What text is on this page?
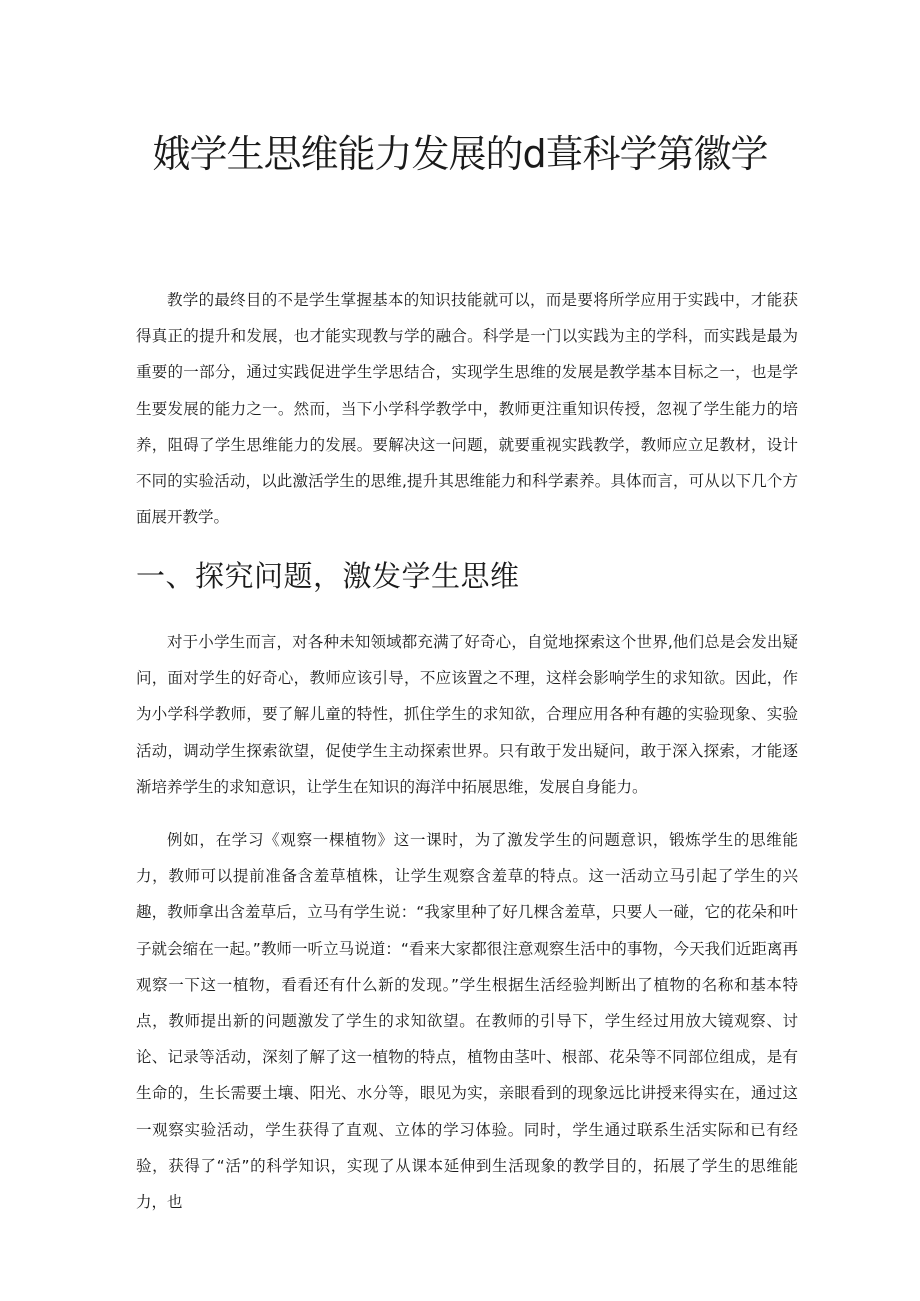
娥学生思维能力发展的d葺科学第徽学

教学的最终目的不是学生掌握基本的知识技能就可以，而是要将所学应用于实践中，才能获得真正的提升和发展，也才能实现教与学的融合。科学是一门以实践为主的学科，而实践是最为重要的一部分，通过实践促进学生学思结合，实现学生思维的发展是教学基本目标之一，也是学生要发展的能力之一。然而，当下小学科学教学中，教师更注重知识传授，忽视了学生能力的培养，阻碍了学生思维能力的发展。要解决这一问题，就要重视实践教学，教师应立足教材，设计不同的实验活动，以此激活学生的思维,提升其思维能力和科学素养。具体而言，可从以下几个方面展开教学。

一、探究问题，激发学生思维

对于小学生而言，对各种未知领域都充满了好奇心，自觉地探索这个世界,他们总是会发出疑问，面对学生的好奇心，教师应该引导，不应该置之不理，这样会影响学生的求知欲。因此，作为小学科学教师，要了解儿童的特性，抓住学生的求知欲，合理应用各种有趣的实验现象、实验活动，调动学生探索欲望，促使学生主动探索世界。只有敢于发出疑问，敢于深入探索，才能逐渐培养学生的求知意识，让学生在知识的海洋中拓展思维，发展自身能力。

例如，在学习《观察一棵植物》这一课时，为了激发学生的问题意识，锻炼学生的思维能力，教师可以提前准备含羞草植株，让学生观察含羞草的特点。这一活动立马引起了学生的兴趣，教师拿出含羞草后，立马有学生说：“我家里种了好几棵含羞草，只要人一碰，它的花朵和叶子就会缩在一起。”教师一听立马说道：“看来大家都很注意观察生活中的事物，今天我们近距离再观察一下这一植物，看看还有什么新的发现。”学生根据生活经验判断出了植物的名称和基本特点，教师提出新的问题激发了学生的求知欲望。在教师的引导下，学生经过用放大镜观察、讨论、记录等活动，深刻了解了这一植物的特点，植物由茎叶、根部、花朵等不同部位组成，是有生命的，生长需要土壤、阳光、水分等，眼见为实，亲眼看到的现象远比讲授来得实在，通过这一观察实验活动，学生获得了直观、立体的学习体验。同时，学生通过联系生活实际和已有经验，获得了“活”的科学知识，实现了从课本延伸到生活现象的教学目的，拓展了学生的思维能力，也
